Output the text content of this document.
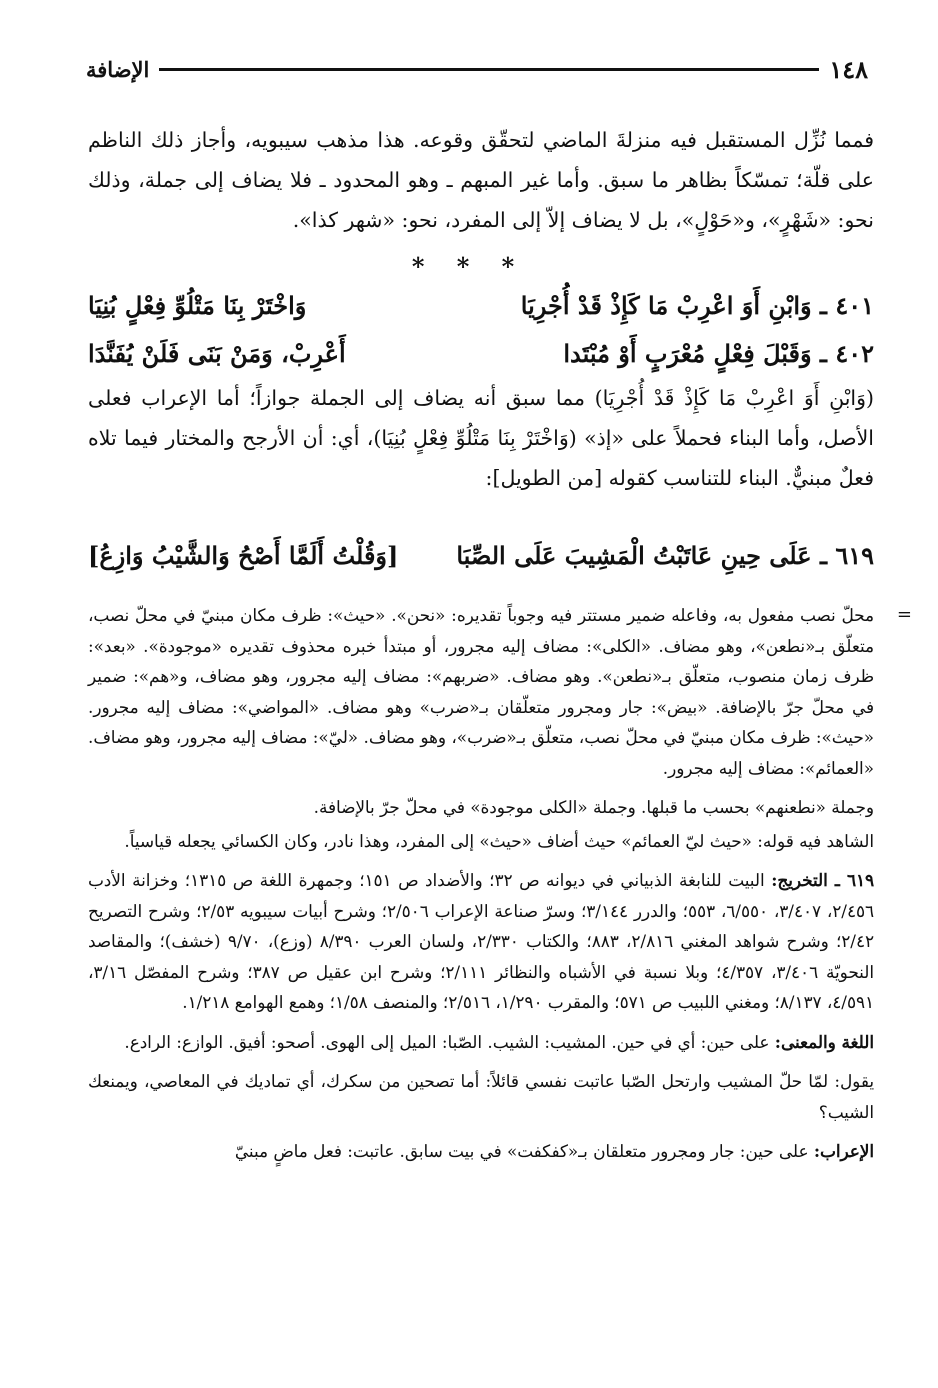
١٤٨
الإضافة
فمما نُزِّل المستقبل فيه منزلةَ الماضي لتحقّق وقوعه. هذا مذهب سيبويه، وأجاز ذلك الناظم على قلّة؛ تمسّكاً بظاهر ما سبق. وأما غير المبهم ـ وهو المحدود ـ فلا يضاف إلى جملة، وذلك نحو: «شَهْرٍ»، و«حَوْلٍ»، بل لا يضاف إلاّ إلى المفرد، نحو: «شهر كذا».
* * *
٤٠١ ـ وَابْنِ أَوَ اعْرِبْ مَا كَإِذْ قَدْ أُجْرِيَا
وَاخْتَرْ بِنَا مَتْلُوِّ فِعْلٍ بُنِيَا
٤٠٢ ـ وَقَبْلَ فِعْلٍ مُعْرَبٍ أَوْ مُبْتَدا
أَعْرِبْ، وَمَنْ بَنَى فَلَنْ يُفَنَّدَا
(وَابْنِ أَوَ اعْرِبْ مَا كَإِذْ قَدْ أُجْرِيَا) مما سبق أنه يضاف إلى الجملة جوازاً؛ أما الإعراب فعلى الأصل، وأما البناء فحملاً على «إذ» (وَاخْتَرْ بِنَا مَتْلُوِّ فِعْلٍ بُنِيَا)، أي: أن الأرجح والمختار فيما تلاه فعلٌ مبنيٌّ. البناء للتناسب كقوله [من الطويل]:
٦١٩ ـ عَلَى حِينِ عَاتَبْتُ الْمَشِيبَ عَلَى الصِّبَا
[وَقُلْتُ أَلَمَّا أَصْحُ وَالشَّيْبُ وَازِعُ]
=

محلّ نصب مفعول به، وفاعله ضمير مستتر فيه وجوباً تقديره: «نحن». «حيث»: ظرف مكان مبنيّ في محلّ نصب، متعلّق بـ«نطعن»، وهو مضاف. «الكلى»: مضاف إليه مجرور، أو مبتدأ خبره محذوف تقديره «موجودة». «بعد»: ظرف زمان منصوب، متعلّق بـ«نطعن». وهو مضاف. «ضربهم»: مضاف إليه مجرور، وهو مضاف، و«هم»: ضمير في محلّ جرّ بالإضافة. «بيض»: جار ومجرور متعلّقان بـ«ضرب» وهو مضاف. «المواضي»: مضاف إليه مجرور. «حيث»: ظرف مكان مبنيّ في محلّ نصب، متعلّق بـ«ضرب»، وهو مضاف. «ليّ»: مضاف إليه مجرور، وهو مضاف. «العمائم»: مضاف إليه مجرور.

وجملة «نطعنهم» بحسب ما قبلها. وجملة «الكلى موجودة» في محلّ جرّ بالإضافة.

الشاهد فيه قوله: «حيث ليّ العمائم» حيث أضاف «حيث» إلى المفرد، وهذا نادر، وكان الكسائي يجعله قياسياً.

٦١٩ ـ التخريج: البيت للنابغة الذبياني في ديوانه ص ٣٢؛ والأضداد ص ١٥١؛ وجمهرة اللغة ص ١٣١٥؛ وخزانة الأدب ٢/٤٥٦، ٣/٤٠٧، ٦/٥٥٠، ٥٥٣؛ والدرر ٣/١٤٤؛ وسرّ صناعة الإعراب ٢/٥٠٦؛ وشرح أبيات سيبويه ٢/٥٣؛ وشرح التصريح ٢/٤٢؛ وشرح شواهد المغني ٢/٨١٦، ٨٨٣؛ والكتاب ٢/٣٣٠، ولسان العرب ٨/٣٩٠ (وزع)، ٩/٧٠ (خشف)؛ والمقاصد النحويّة ٣/٤٠٦، ٤/٣٥٧؛ وبلا نسبة في الأشباه والنظائر ٢/١١١؛ وشرح ابن عقيل ص ٣٨٧؛ وشرح المفصّل ٣/١٦، ٤/٥٩١، ٨/١٣٧؛ ومغني اللبيب ص ٥٧١؛ والمقرب ١/٢٩٠، ٢/٥١٦؛ والمنصف ١/٥٨؛ وهمع الهوامع ١/٢١٨.

اللغة والمعنى: على حين: أي في حين. المشيب: الشيب. الصّبا: الميل إلى الهوى. أصحو: أفيق. الوازع: الرادع.

يقول: لمّا حلّ المشيب وارتحل الصّبا عاتبت نفسي قائلاً: أما تصحين من سكرك، أي تماديك في المعاصي، ويمنعك الشيب؟

الإعراب: على حين: جار ومجرور متعلقان بـ«كفكفت» في بيت سابق. عاتبت: فعل ماضٍ مبنيّ
